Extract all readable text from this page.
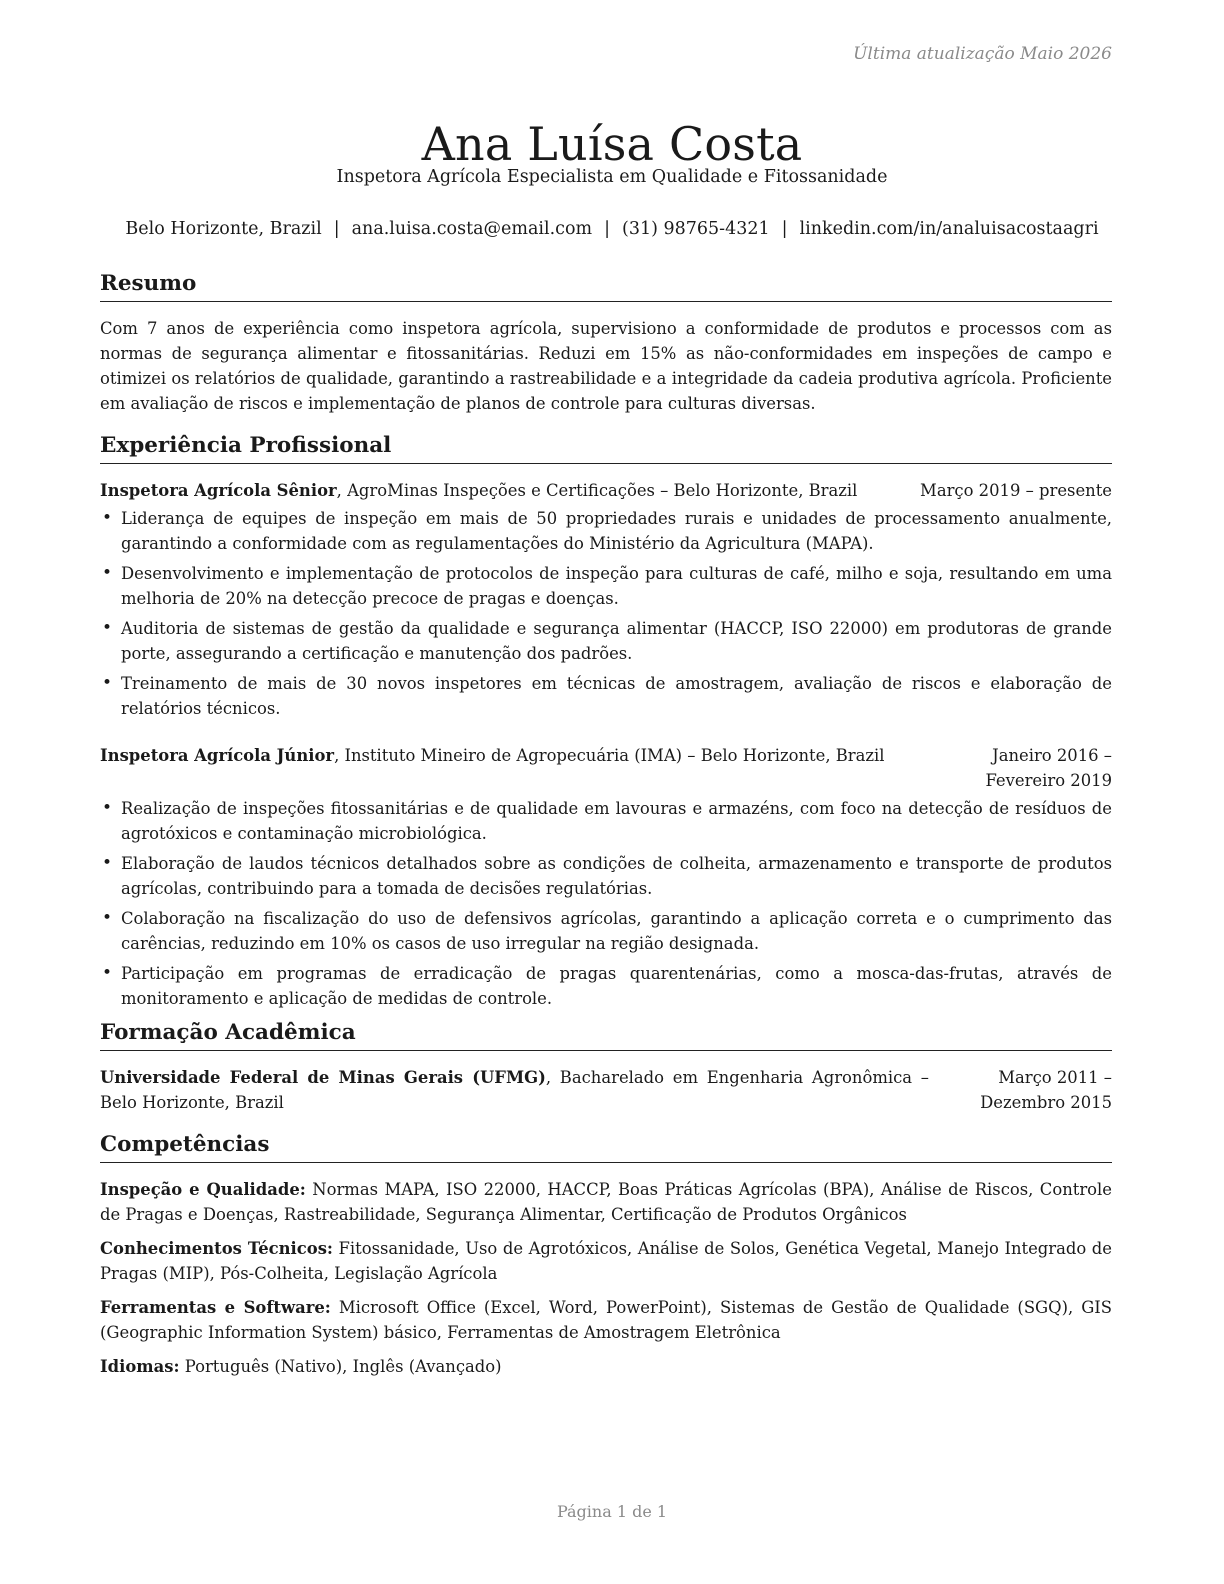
Última atualização Maio 2026
Ana Luísa Costa
Inspetora Agrícola Especialista em Qualidade e Fitossanidade
Belo Horizonte, Brazil | ana.luisa.costa@email.com | (31) 98765-4321 | linkedin.com/in/analuisacostaagri
Resumo

Com 7 anos de experiência como inspetora agrícola, supervisiono a conformidade de produtos e processos com as normas de segurança alimentar e fitossanitárias. Reduzi em 15% as não-conformidades em inspeções de campo e otimizei os relatórios de qualidade, garantindo a rastreabilidade e a integridade da cadeia produtiva agrícola. Proficiente em avaliação de riscos e implementação de planos de controle para culturas diversas.

Experiência Profissional
Inspetora Agrícola Sênior, AgroMinas Inspeções e Certificações – Belo Horizonte, Brazil	Março 2019 – presente
• Liderança de equipes de inspeção em mais de 50 propriedades rurais e unidades de processamento anualmente, garantindo a conformidade com as regulamentações do Ministério da Agricultura (MAPA).
• Desenvolvimento e implementação de protocolos de inspeção para culturas de café, milho e soja, resultando em uma melhoria de 20% na detecção precoce de pragas e doenças.
• Auditoria de sistemas de gestão da qualidade e segurança alimentar (HACCP, ISO 22000) em produtoras de grande porte, assegurando a certificação e manutenção dos padrões.
• Treinamento de mais de 30 novos inspetores em técnicas de amostragem, avaliação de riscos e elaboração de relatórios técnicos.
Inspetora Agrícola Júnior, Instituto Mineiro de Agropecuária (IMA) – Belo Horizonte, Brazil	Janeiro 2016 – Fevereiro 2019
• Realização de inspeções fitossanitárias e de qualidade em lavouras e armazéns, com foco na detecção de resíduos de agrotóxicos e contaminação microbiológica.
• Elaboração de laudos técnicos detalhados sobre as condições de colheita, armazenamento e transporte de produtos agrícolas, contribuindo para a tomada de decisões regulatórias.
• Colaboração na fiscalização do uso de defensivos agrícolas, garantindo a aplicação correta e o cumprimento das carências, reduzindo em 10% os casos de uso irregular na região designada.
• Participação em programas de erradicação de pragas quarentenárias, como a mosca-das-frutas, através de monitoramento e aplicação de medidas de controle.
Formação Acadêmica
Universidade Federal de Minas Gerais (UFMG), Bacharelado em Engenharia Agronômica – Belo Horizonte, Brazil
Março 2011 – Dezembro 2015
Competências

Inspeção e Qualidade: Normas MAPA, ISO 22000, HACCP, Boas Práticas Agrícolas (BPA), Análise de Riscos, Controle de Pragas e Doenças, Rastreabilidade, Segurança Alimentar, Certificação de Produtos Orgânicos

Conhecimentos Técnicos: Fitossanidade, Uso de Agrotóxicos, Análise de Solos, Genética Vegetal, Manejo Integrado de Pragas (MIP), Pós-Colheita, Legislação Agrícola

Ferramentas e Software: Microsoft Office (Excel, Word, PowerPoint), Sistemas de Gestão de Qualidade (SGQ), GIS (Geographic Information System) básico, Ferramentas de Amostragem Eletrônica

Idiomas: Português (Nativo), Inglês (Avançado)

Página 1 de 1
